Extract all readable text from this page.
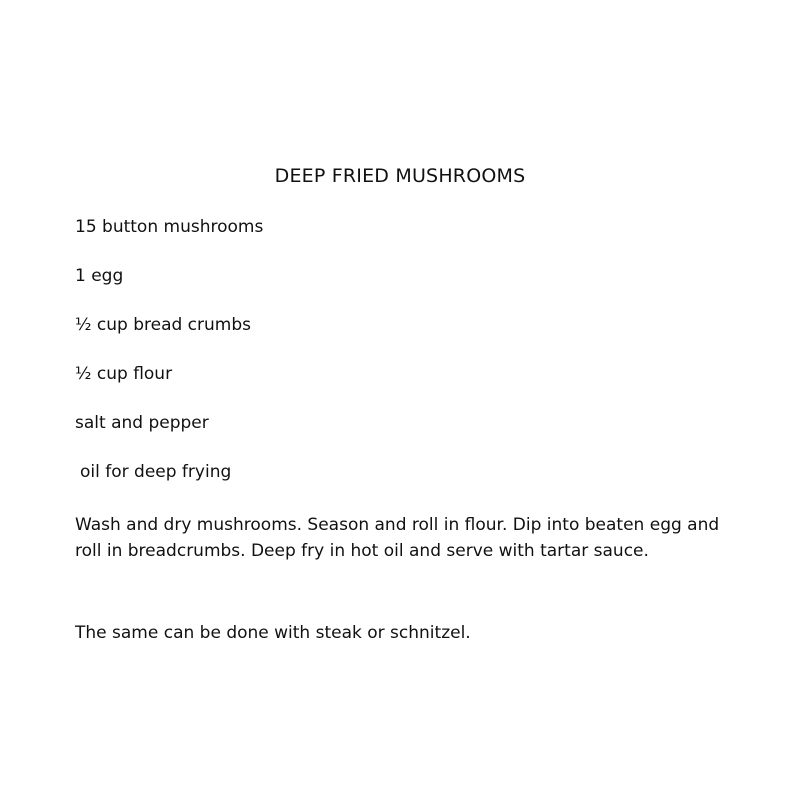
DEEP FRIED MUSHROOMS
15 button mushrooms
1 egg
½ cup bread crumbs
½ cup flour
salt and pepper
oil for deep frying

Wash and dry mushrooms. Season and roll in flour. Dip into beaten egg and roll in breadcrumbs. Deep fry in hot oil and serve with tartar sauce.

The same can be done with steak or schnitzel.
